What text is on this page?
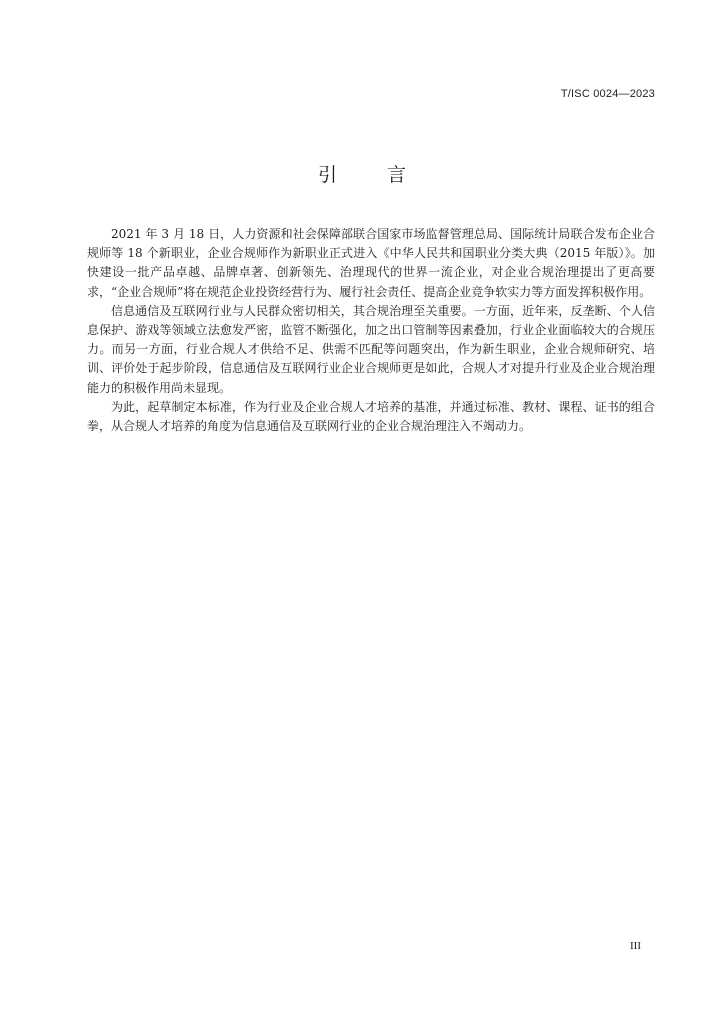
T/ISC 0024—2023
引 言

2021 年 3 月 18 日，人力资源和社会保障部联合国家市场监督管理总局、国际统计局联合发布企业合规师等 18 个新职业，企业合规师作为新职业正式进入《中华人民共和国职业分类大典（2015 年版）》。加快建设一批产品卓越、品牌卓著、创新领先、治理现代的世界一流企业，对企业合规治理提出了更高要求，“企业合规师”将在规范企业投资经营行为、履行社会责任、提高企业竞争软实力等方面发挥积极作用。

信息通信及互联网行业与人民群众密切相关，其合规治理至关重要。一方面，近年来，反垄断、个人信息保护、游戏等领域立法愈发严密，监管不断强化，加之出口管制等因素叠加，行业企业面临较大的合规压力。而另一方面，行业合规人才供给不足、供需不匹配等问题突出，作为新生职业，企业合规师研究、培训、评价处于起步阶段，信息通信及互联网行业企业合规师更是如此，合规人才对提升行业及企业合规治理能力的积极作用尚未显现。

为此，起草制定本标准，作为行业及企业合规人才培养的基准，并通过标准、教材、课程、证书的组合拳，从合规人才培养的角度为信息通信及互联网行业的企业合规治理注入不竭动力。

III
